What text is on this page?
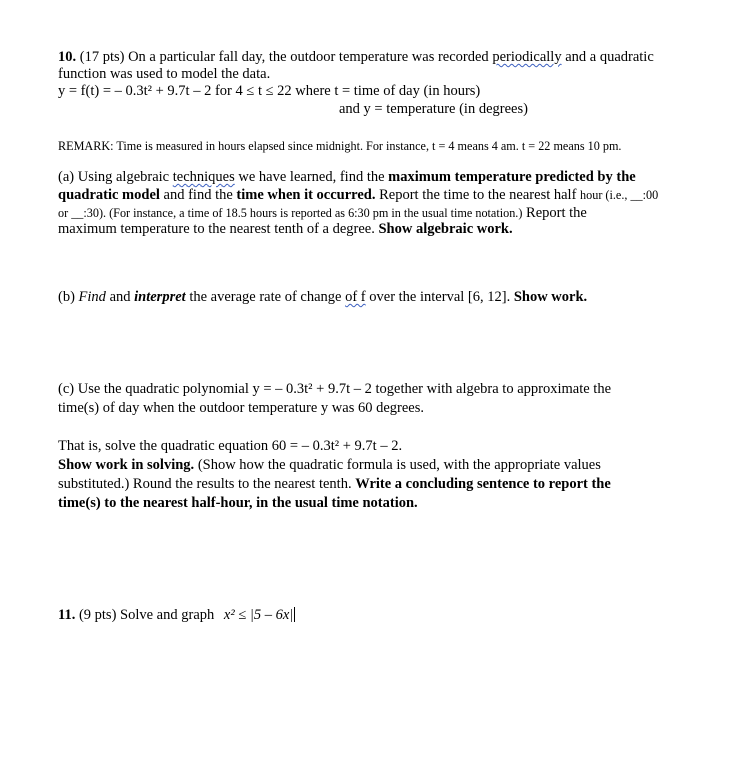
10. (17 pts) On a particular fall day, the outdoor temperature was recorded periodically and a quadratic
function was used to model the data.
y = f(t) = – 0.3t² + 9.7t – 2 for 4 ≤ t ≤ 22 where t = time of day (in hours)
and y = temperature (in degrees)
REMARK: Time is measured in hours elapsed since midnight. For instance, t = 4 means 4 am. t = 22 means 10 pm.
(a) Using algebraic techniques we have learned, find the maximum temperature predicted by the
quadratic model and find the time when it occurred. Report the time to the nearest half hour (i.e., __:00
or __:30). (For instance, a time of 18.5 hours is reported as 6:30 pm in the usual time notation.) Report the
maximum temperature to the nearest tenth of a degree. Show algebraic work.
(b) Find and interpret the average rate of change of f over the interval [6, 12]. Show work.
(c) Use the quadratic polynomial y = – 0.3t² + 9.7t – 2 together with algebra to approximate the
time(s) of day when the outdoor temperature y was 60 degrees.
That is, solve the quadratic equation 60 = – 0.3t² + 9.7t – 2.
Show work in solving. (Show how the quadratic formula is used, with the appropriate values
substituted.) Round the results to the nearest tenth. Write a concluding sentence to report the
time(s) to the nearest half-hour, in the usual time notation.
11. (9 pts) Solve and graph x² ≤ |5 – 6x|
